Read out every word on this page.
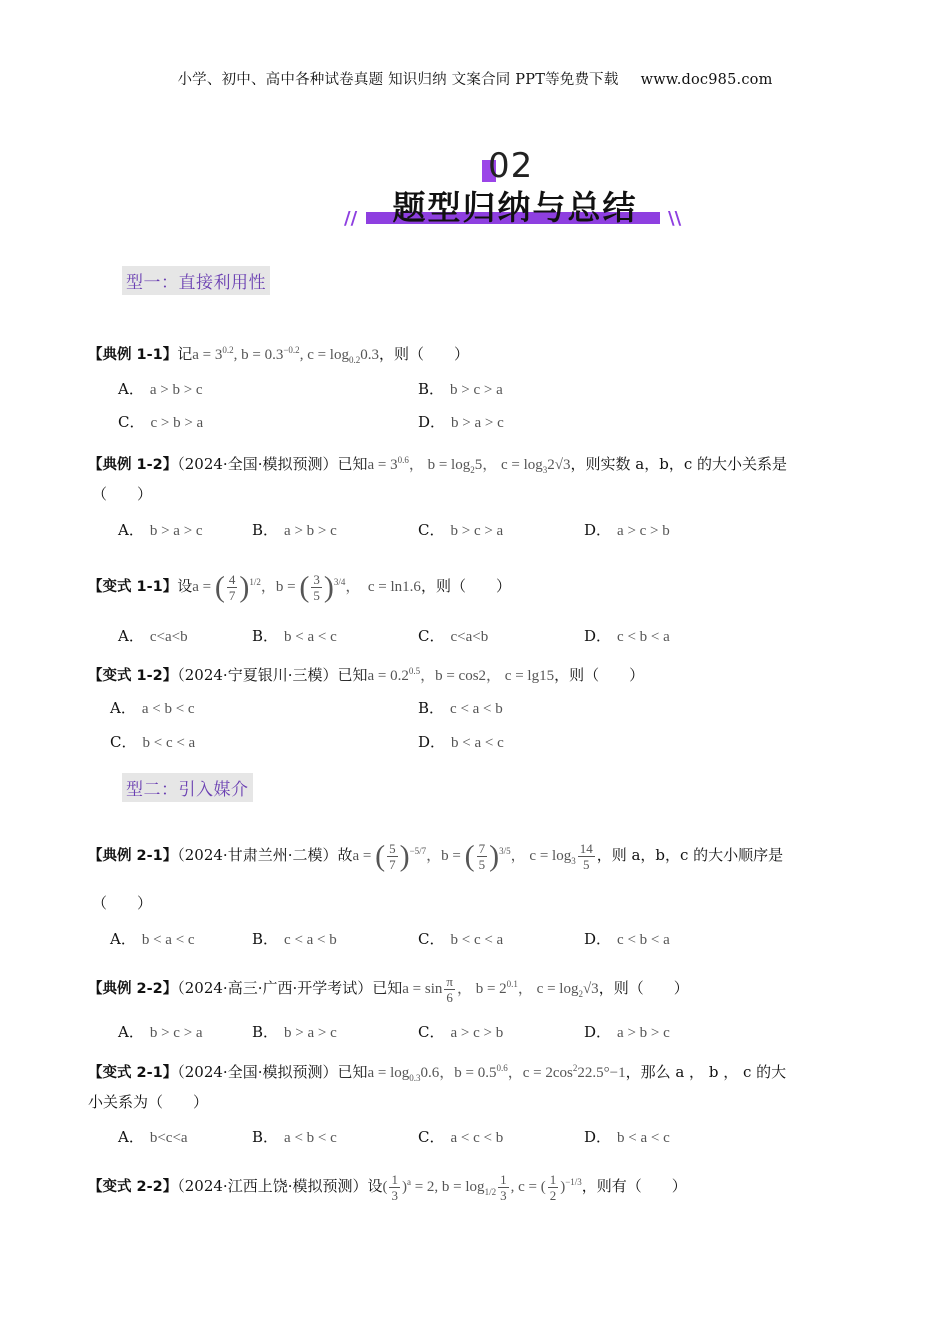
小学、初中、高中各种试卷真题 知识归纳 文案合同 PPT等免费下载 www.doc985.com
02
题型归纳与总结
//	\\
型一：直接利用性
【典例 1-1】记$a = 3^{0.2}$, $b = 0.3^{-0.2}$, $c = \log_{0.2}0.3$，则（　　）
A． a > b > c	B． b > c > a
C． c > b > a	D． b > a > c
【典例 1-2】（2024·全国·模拟预测）已知$a = 3^{0.6}$， $b = \log_25$， $c = \log_32√3$，则实数 a，b，c 的大小关系是
（　　）
A． b > a > c	B． a > b > c	C． b > c > a	D． a > c > b
【变式 1-1】设a = ( $\frac{4}{7} )^{1/2}$，b = ( $\frac{3}{5} )^{3/4}$，  c = ln1.6，则（　　）
A． c<a<b	B． b < a < c	C． c<a<b	D． c < b < a
【变式 1-2】（2024·宁夏银川·三模）已知$a = 0.2^{0.5}$，b = cos2， c = lg15，则（　　）
A． a < b < c	B． c < a < b
C． b < c < a	D． b < a < c
型二：引入媒介
【典例 2-1】（2024·甘肃兰州·二模）故a = ( $\frac{5}{7} )^{-5/7}$，b = ( $\frac{7}{5} )^{3/5}$， $c = \log_3 \frac{14}{5}$ ，则 a，b，c 的大小顺序是
（　　）
A． b < a < c	B． c < a < b	C． b < c < a	D． c < b < a
【典例 2-2】（2024·高三·广西·开学考试）已知$a = \sin \frac{\pi}{6}$ ， $b = 2^{0.1}$， $c = \log_2√3$，则（　　）
A． b > c > a	B． b > a > c	C． a > c > b	D． a > b > c
【变式 2-1】（2024·全国·模拟预测）已知$a = \log_{0.3}0.6$，$b = 0.5^{0.6}$，$c = 2\cos^222.5^\circ-1$，那么 a ， b ， c 的大
小关系为（　　）
A． b<c<a	B． a < b < c	C． a < c < b	D． b < a < c
【变式 2-2】（2024·江西上饶·模拟预测）设( $\frac{1}{3} )^a = 2$, $b = \log_{1/2} \frac{1}{3}$ , c = ( $\frac{1}{2} )^{-1/3}$，则有（　　）
